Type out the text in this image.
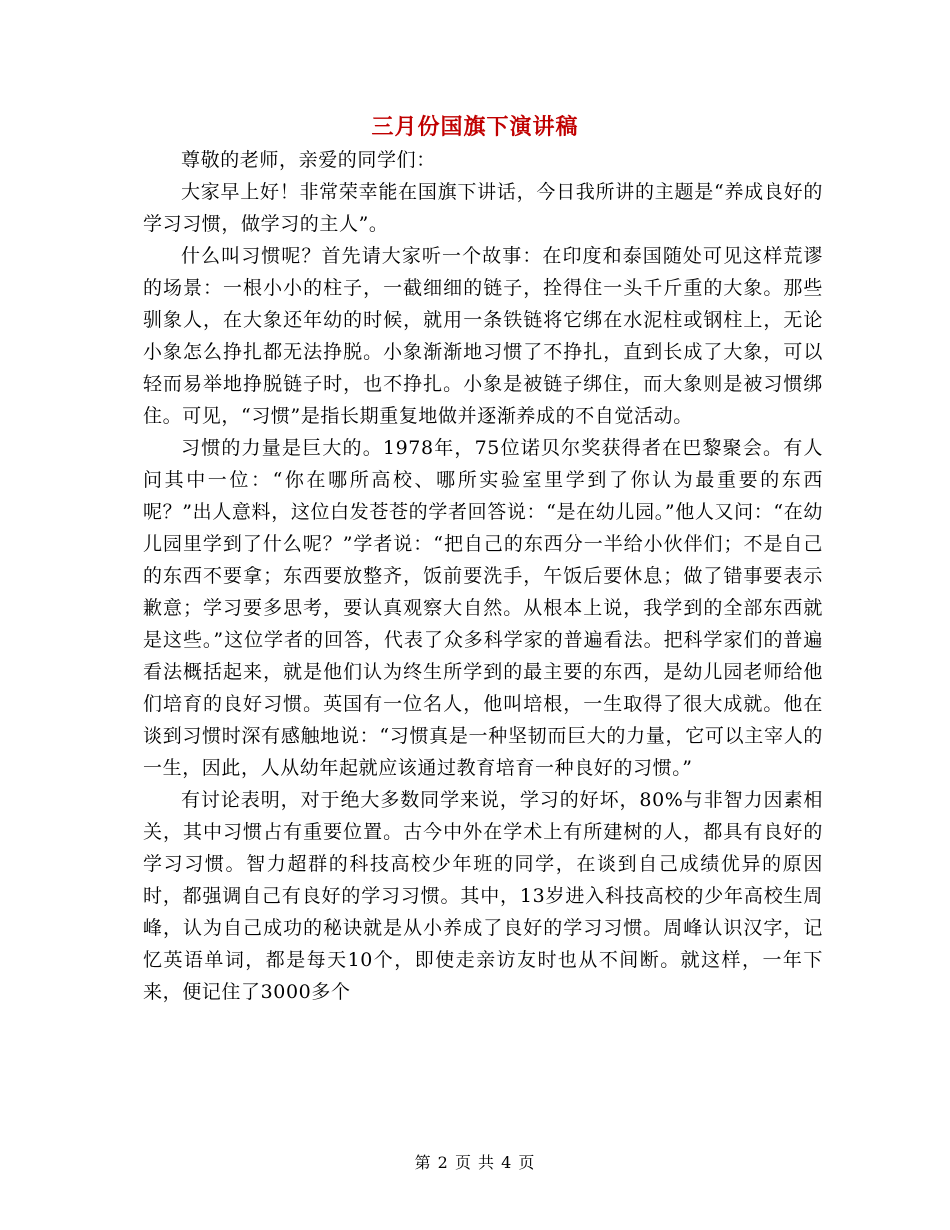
三月份国旗下演讲稿

尊敬的老师，亲爱的同学们：

大家早上好！非常荣幸能在国旗下讲话，今日我所讲的主题是“养成良好的学习习惯，做学习的主人”。

什么叫习惯呢？首先请大家听一个故事：在印度和泰国随处可见这样荒谬的场景：一根小小的柱子，一截细细的链子，拴得住一头千斤重的大象。那些驯象人，在大象还年幼的时候，就用一条铁链将它绑在水泥柱或钢柱上，无论小象怎么挣扎都无法挣脱。小象渐渐地习惯了不挣扎，直到长成了大象，可以轻而易举地挣脱链子时，也不挣扎。小象是被链子绑住，而大象则是被习惯绑住。可见，“习惯”是指长期重复地做并逐渐养成的不自觉活动。

习惯的力量是巨大的。1978年，75位诺贝尔奖获得者在巴黎聚会。有人问其中一位：“你在哪所高校、哪所实验室里学到了你认为最重要的东西呢？”出人意料，这位白发苍苍的学者回答说：“是在幼儿园。”他人又问：“在幼儿园里学到了什么呢？”学者说：“把自己的东西分一半给小伙伴们；不是自己的东西不要拿；东西要放整齐，饭前要洗手，午饭后要休息；做了错事要表示歉意；学习要多思考，要认真观察大自然。从根本上说，我学到的全部东西就是这些。”这位学者的回答，代表了众多科学家的普遍看法。把科学家们的普遍看法概括起来，就是他们认为终生所学到的最主要的东西，是幼儿园老师给他们培育的良好习惯。英国有一位名人，他叫培根，一生取得了很大成就。他在谈到习惯时深有感触地说：“习惯真是一种坚韧而巨大的力量，它可以主宰人的一生，因此，人从幼年起就应该通过教育培育一种良好的习惯。”

有讨论表明，对于绝大多数同学来说，学习的好坏，80%与非智力因素相关，其中习惯占有重要位置。古今中外在学术上有所建树的人，都具有良好的学习习惯。智力超群的科技高校少年班的同学，在谈到自己成绩优异的原因时，都强调自己有良好的学习习惯。其中，13岁进入科技高校的少年高校生周峰，认为自己成功的秘诀就是从小养成了良好的学习习惯。周峰认识汉字，记忆英语单词，都是每天10个，即使走亲访友时也从不间断。就这样，一年下来，便记住了3000多个

第 2 页 共 4 页
